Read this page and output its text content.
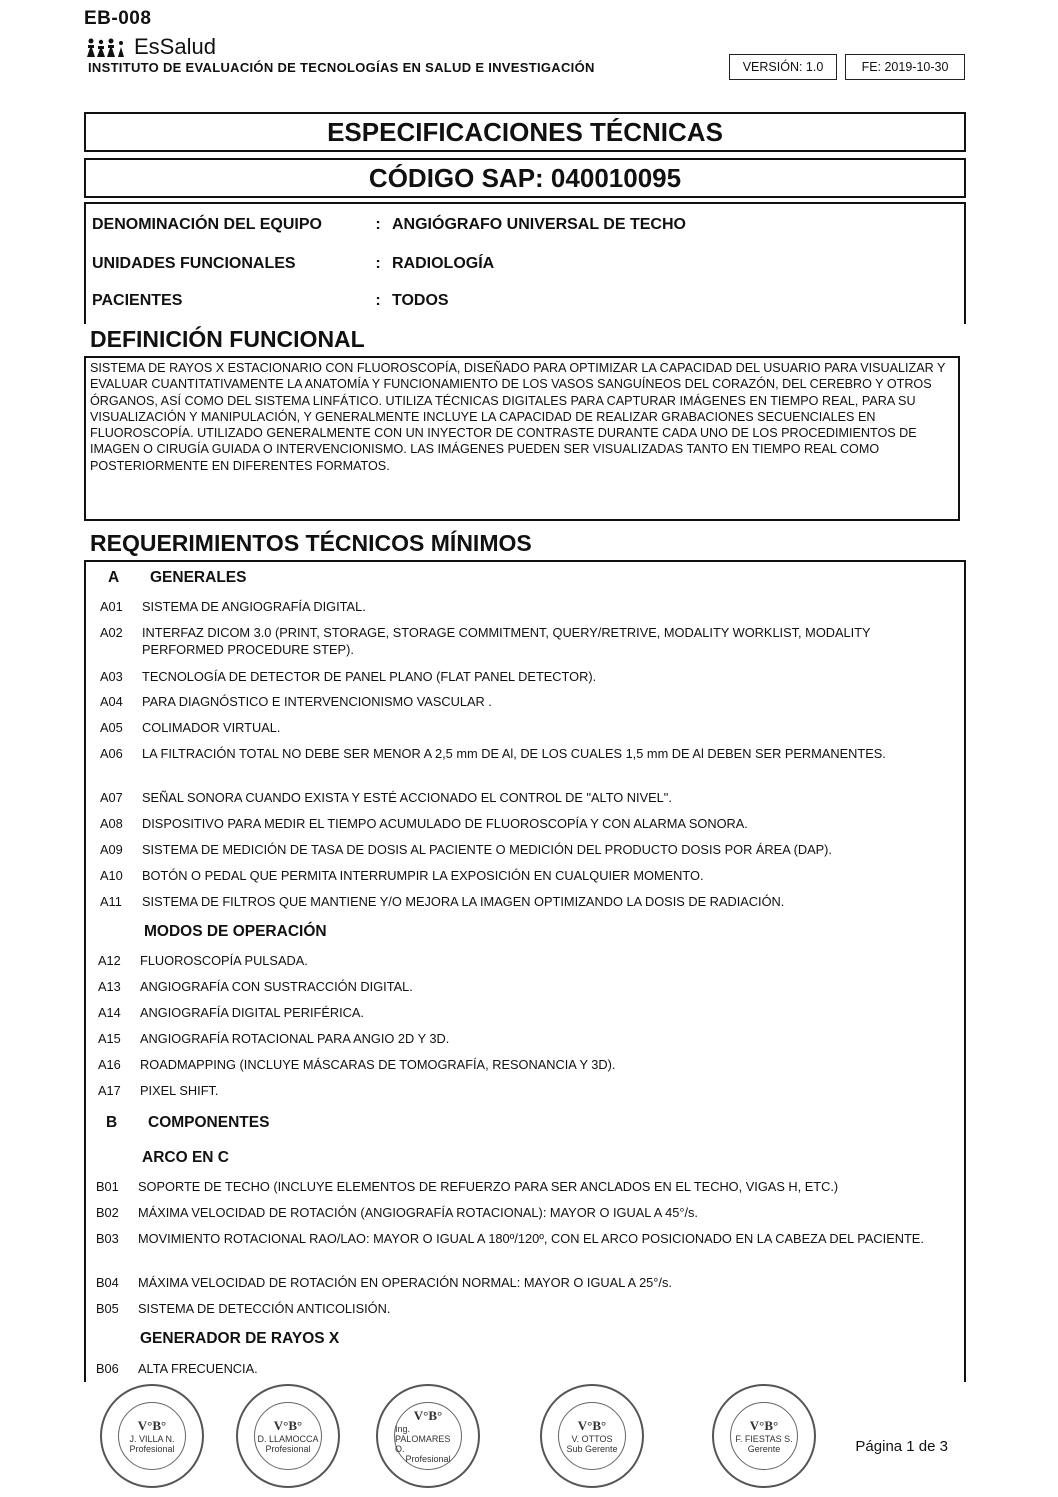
EB-008
EsSalud
INSTITUTO DE EVALUACIÓN DE TECNOLOGÍAS EN SALUD E INVESTIGACIÓN	VERSIÓN: 1.0	FE: 2019-10-30
ESPECIFICACIONES TÉCNICAS
CÓDIGO SAP: 040010095
DENOMINACIÓN DEL EQUIPO	: ANGIÓGRAFO UNIVERSAL DE TECHO
UNIDADES FUNCIONALES	: RADIOLOGÍA
PACIENTES	: TODOS
DEFINICIÓN FUNCIONAL
SISTEMA DE RAYOS X ESTACIONARIO CON FLUOROSCOPÍA, DISEÑADO PARA OPTIMIZAR LA CAPACIDAD DEL USUARIO PARA VISUALIZAR Y EVALUAR CUANTITATIVAMENTE LA ANATOMÍA Y FUNCIONAMIENTO DE LOS VASOS SANGUÍNEOS DEL CORAZÓN, DEL CEREBRO Y OTROS ÓRGANOS, ASÍ COMO DEL SISTEMA LINFÁTICO. UTILIZA TÉCNICAS DIGITALES PARA CAPTURAR IMÁGENES EN TIEMPO REAL, PARA SU VISUALIZACIÓN Y MANIPULACIÓN, Y GENERALMENTE INCLUYE LA CAPACIDAD DE REALIZAR GRABACIONES SECUENCIALES EN FLUOROSCOPÍA. UTILIZADO GENERALMENTE CON UN INYECTOR DE CONTRASTE DURANTE CADA UNO DE LOS PROCEDIMIENTOS DE IMAGEN O CIRUGÍA GUIADA O INTERVENCIONISMO. LAS IMÁGENES PUEDEN SER VISUALIZADAS TANTO EN TIEMPO REAL COMO POSTERIORMENTE EN DIFERENTES FORMATOS.
REQUERIMIENTOS TÉCNICOS MÍNIMOS
A	GENERALES
A01	SISTEMA DE ANGIOGRAFÍA DIGITAL.
A02	INTERFAZ DICOM 3.0 (PRINT, STORAGE, STORAGE COMMITMENT, QUERY/RETRIVE, MODALITY WORKLIST, MODALITY PERFORMED PROCEDURE STEP).
A03	TECNOLOGÍA DE DETECTOR DE PANEL PLANO (FLAT PANEL DETECTOR).
A04	PARA DIAGNÓSTICO E INTERVENCIONISMO VASCULAR .
A05	COLIMADOR VIRTUAL.
A06	LA FILTRACIÓN TOTAL NO DEBE SER MENOR A 2,5 mm DE Al, DE LOS CUALES 1,5 mm DE Al DEBEN SER PERMANENTES.
A07	SEÑAL SONORA CUANDO EXISTA Y ESTÉ ACCIONADO EL CONTROL DE "ALTO NIVEL".
A08	DISPOSITIVO PARA MEDIR EL TIEMPO ACUMULADO DE FLUOROSCOPÍA Y CON ALARMA SONORA.
A09	SISTEMA DE MEDICIÓN DE TASA DE DOSIS AL PACIENTE O MEDICIÓN DEL PRODUCTO DOSIS POR ÁREA (DAP).
A10	BOTÓN O PEDAL QUE PERMITA INTERRUMPIR LA EXPOSICIÓN EN CUALQUIER MOMENTO.
A11	SISTEMA DE FILTROS QUE MANTIENE Y/O MEJORA LA IMAGEN OPTIMIZANDO LA DOSIS DE RADIACIÓN.
MODOS DE OPERACIÓN
A12	FLUOROSCOPÍA PULSADA.
A13	ANGIOGRAFÍA CON SUSTRACCIÓN DIGITAL.
A14	ANGIOGRAFÍA DIGITAL PERIFÉRICA.
A15	ANGIOGRAFÍA ROTACIONAL PARA ANGIO 2D Y 3D.
A16	ROADMAPPING (INCLUYE MÁSCARAS DE TOMOGRAFÍA, RESONANCIA Y 3D).
A17	PIXEL SHIFT.
B	COMPONENTES
ARCO EN C
B01	SOPORTE DE TECHO (INCLUYE ELEMENTOS DE REFUERZO PARA SER ANCLADOS EN EL TECHO, VIGAS H, ETC.)
B02	MÁXIMA VELOCIDAD DE ROTACIÓN (ANGIOGRAFÍA ROTACIONAL): MAYOR O IGUAL A 45°/s.
B03	MOVIMIENTO ROTACIONAL RAO/LAO: MAYOR O IGUAL A 180º/120º, CON EL ARCO POSICIONADO EN LA CABEZA DEL PACIENTE.
B04	MÁXIMA VELOCIDAD DE ROTACIÓN EN OPERACIÓN NORMAL: MAYOR O IGUAL A 25°/s.
B05	SISTEMA DE DETECCIÓN ANTICOLISIÓN.
GENERADOR DE RAYOS X
B06	ALTA FRECUENCIA.
V°B°
J. VILLA N.
Profesional
V°B°
D. LLAMOCCA
Profesional
V°B°
Ing. PALOMARES O.
Profesional
V°B°
V. OTTOS
Sub Gerente
V°B°
F. FIESTAS S.
Gerente	Página 1 de 3
